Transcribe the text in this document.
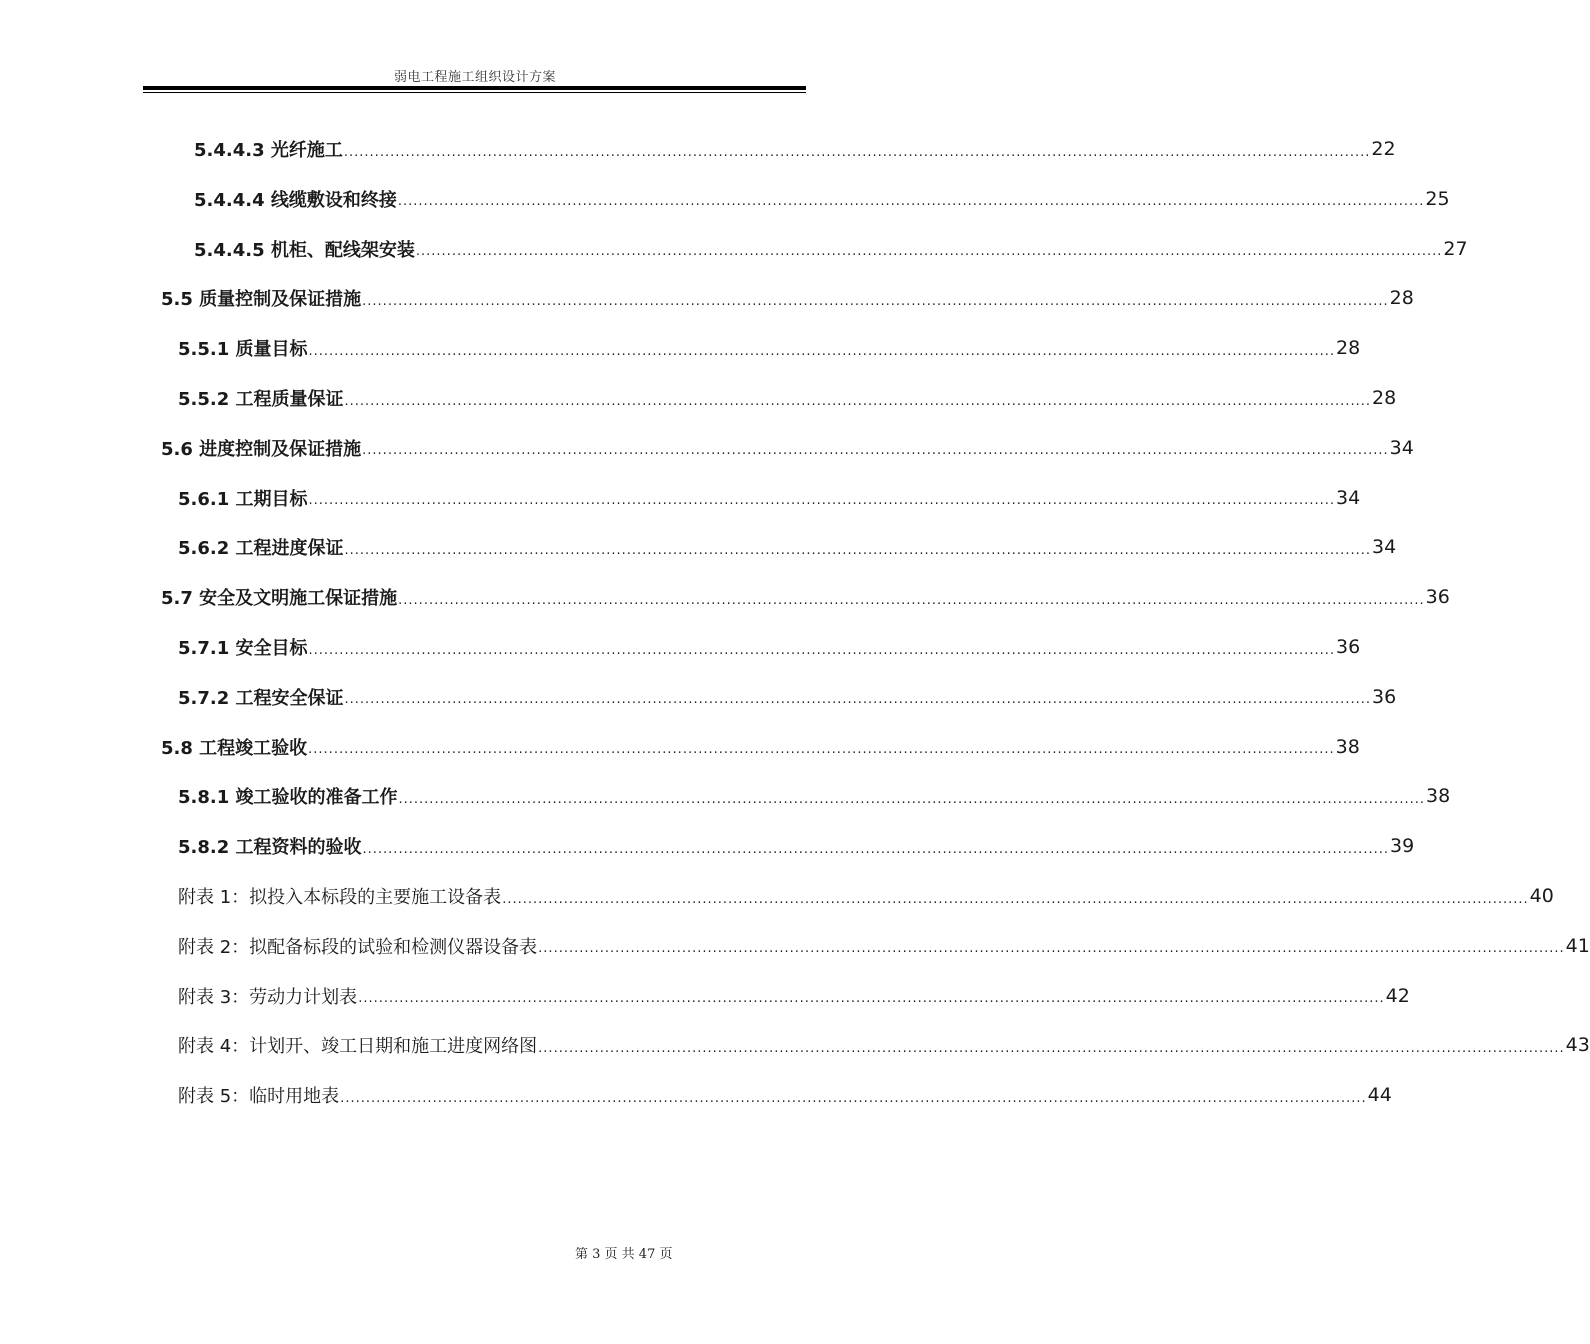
弱电工程施工组织设计方案
5.4.4.3 光纤施工 ........................................................................................................................................................................................................ 22
5.4.4.4 线缆敷设和终接 ........................................................................................................................................................................................................ 25
5.4.4.5 机柜、配线架安装 ........................................................................................................................................................................................................ 27
5.5 质量控制及保证措施 ........................................................................................................................................................................................................ 28
5.5.1 质量目标 ........................................................................................................................................................................................................ 28
5.5.2 工程质量保证 ........................................................................................................................................................................................................ 28
5.6 进度控制及保证措施 ........................................................................................................................................................................................................ 34
5.6.1 工期目标 ........................................................................................................................................................................................................ 34
5.6.2 工程进度保证 ........................................................................................................................................................................................................ 34
5.7 安全及文明施工保证措施 ........................................................................................................................................................................................................ 36
5.7.1 安全目标 ........................................................................................................................................................................................................ 36
5.7.2 工程安全保证 ........................................................................................................................................................................................................ 36
5.8 工程竣工验收 ........................................................................................................................................................................................................ 38
5.8.1 竣工验收的准备工作 ........................................................................................................................................................................................................ 38
5.8.2 工程资料的验收 ........................................................................................................................................................................................................ 39
附表 1：拟投入本标段的主要施工设备表 ........................................................................................................................................................................................................ 40
附表 2：拟配备标段的试验和检测仪器设备表 ........................................................................................................................................................................................................ 41
附表 3：劳动力计划表 ........................................................................................................................................................................................................ 42
附表 4：计划开、竣工日期和施工进度网络图 ........................................................................................................................................................................................................ 43
附表 5：临时用地表 ........................................................................................................................................................................................................ 44
第 3 页 共 47 页
